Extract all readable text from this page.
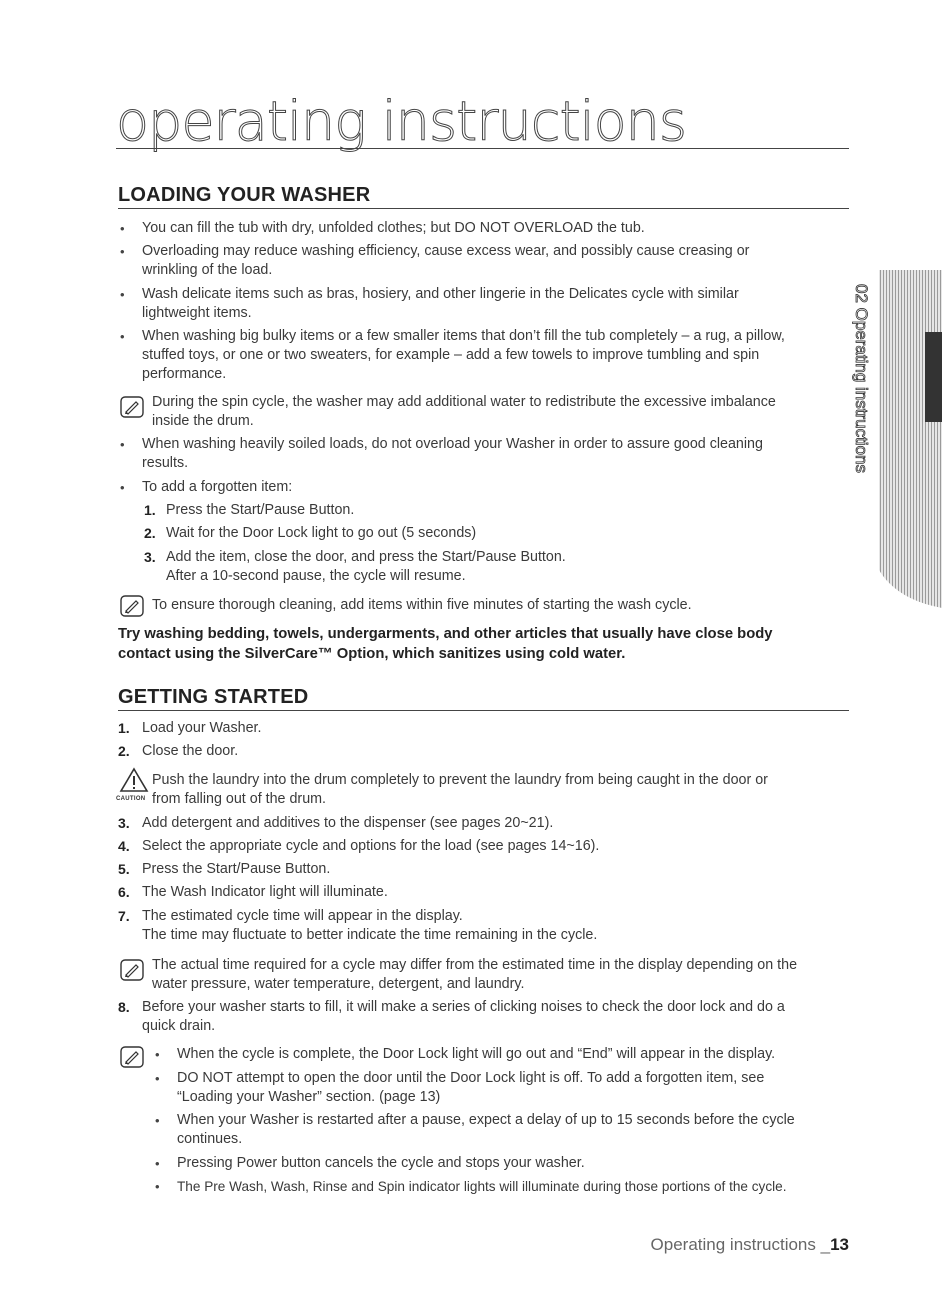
operating instructions
02 Operating instructions
LOADING YOUR WASHER
• You can fill the tub with dry, unfolded clothes; but DO NOT OVERLOAD the tub.
• Overloading may reduce washing efficiency, cause excess wear, and possibly cause creasing or
wrinkling of the load.
• Wash delicate items such as bras, hosiery, and other lingerie in the Delicates cycle with similar
lightweight items.
• When washing big bulky items or a few smaller items that don’t fill the tub completely – a rug, a pillow,
stuffed toys, or one or two sweaters, for example – add a few towels to improve tumbling and spin
performance.
During the spin cycle, the washer may add additional water to redistribute the excessive imbalance
inside the drum.
• When washing heavily soiled loads, do not overload your Washer in order to assure good cleaning
results.
• To add a forgotten item:
1. Press the Start/Pause Button.
2. Wait for the Door Lock light to go out (5 seconds)
3. Add the item, close the door, and press the Start/Pause Button.
After a 10-second pause, the cycle will resume.
To ensure thorough cleaning, add items within five minutes of starting the wash cycle.
Try washing bedding, towels, undergarments, and other articles that usually have close body
contact using the SilverCare™ Option, which sanitizes using cold water.
GETTING STARTED
1. Load your Washer.
2. Close the door.
CAUTION
Push the laundry into the drum completely to prevent the laundry from being caught in the door or
from falling out of the drum.
3. Add detergent and additives to the dispenser (see pages 20~21).
4. Select the appropriate cycle and options for the load (see pages 14~16).
5. Press the Start/Pause Button.
6. The Wash Indicator light will illuminate.
7. The estimated cycle time will appear in the display.
The time may fluctuate to better indicate the time remaining in the cycle.
The actual time required for a cycle may differ from the estimated time in the display depending on the
water pressure, water temperature, detergent, and laundry.
8. Before your washer starts to fill, it will make a series of clicking noises to check the door lock and do a
quick drain.
• When the cycle is complete, the Door Lock light will go out and “End” will appear in the display.
• DO NOT attempt to open the door until the Door Lock light is off. To add a forgotten item, see
“Loading your Washer” section. (page 13)
• When your Washer is restarted after a pause, expect a delay of up to 15 seconds before the cycle
continues.
• Pressing Power button cancels the cycle and stops your washer.
• The Pre Wash, Wash, Rinse and Spin indicator lights will illuminate during those portions of the cycle.
Operating instructions _13
